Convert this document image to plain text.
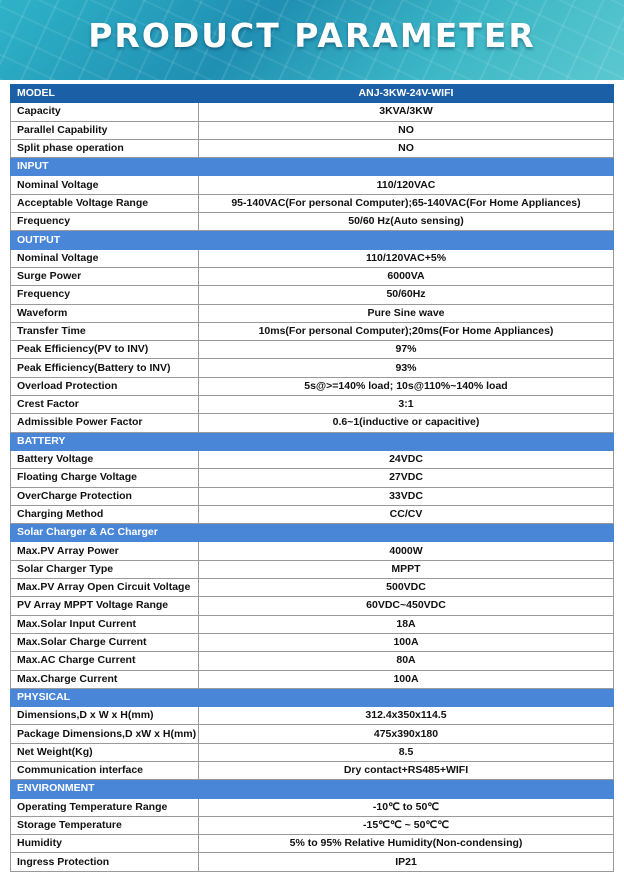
PRODUCT PARAMETER
MODEL	ANJ-3KW-24V-WIFI
Capacity	3KVA/3KW
Parallel Capability	NO
Split phase operation	NO
INPUT	
Nominal Voltage	110/120VAC
Acceptable Voltage Range	95-140VAC(For personal Computer);65-140VAC(For Home Appliances)
Frequency	50/60 Hz(Auto sensing)
OUTPUT	
Nominal Voltage	110/120VAC+5%
Surge Power	6000VA
Frequency	50/60Hz
Waveform	Pure Sine wave
Transfer Time	10ms(For personal Computer);20ms(For Home Appliances)
Peak Efficiency(PV to INV)	97%
Peak Efficiency(Battery to INV)	93%
Overload Protection	5s@>=140% load; 10s@110%~140% load
Crest Factor	3:1
Admissible Power Factor	0.6~1(inductive or capacitive)
BATTERY	
Battery Voltage	24VDC
Floating Charge Voltage	27VDC
OverCharge Protection	33VDC
Charging Method	CC/CV
Solar Charger & AC Charger	
Max.PV Array Power	4000W
Solar Charger Type	MPPT
Max.PV Array Open Circuit Voltage	500VDC
PV Array MPPT Voltage Range	60VDC~450VDC
Max.Solar Input Current	18A
Max.Solar Charge Current	100A
Max.AC Charge Current	80A
Max.Charge Current	100A
PHYSICAL	
Dimensions,D x W x H(mm)	312.4x350x114.5
Package Dimensions,D xW x H(mm)	475x390x180
Net Weight(Kg)	8.5
Communication interface	Dry contact+RS485+WIFI
ENVIRONMENT	
Operating Temperature Range	-10℃ to 50℃
Storage Temperature	-15℃℃ ~ 50℃℃
Humidity	5% to 95% Relative Humidity(Non-condensing)
Ingress Protection	IP21
